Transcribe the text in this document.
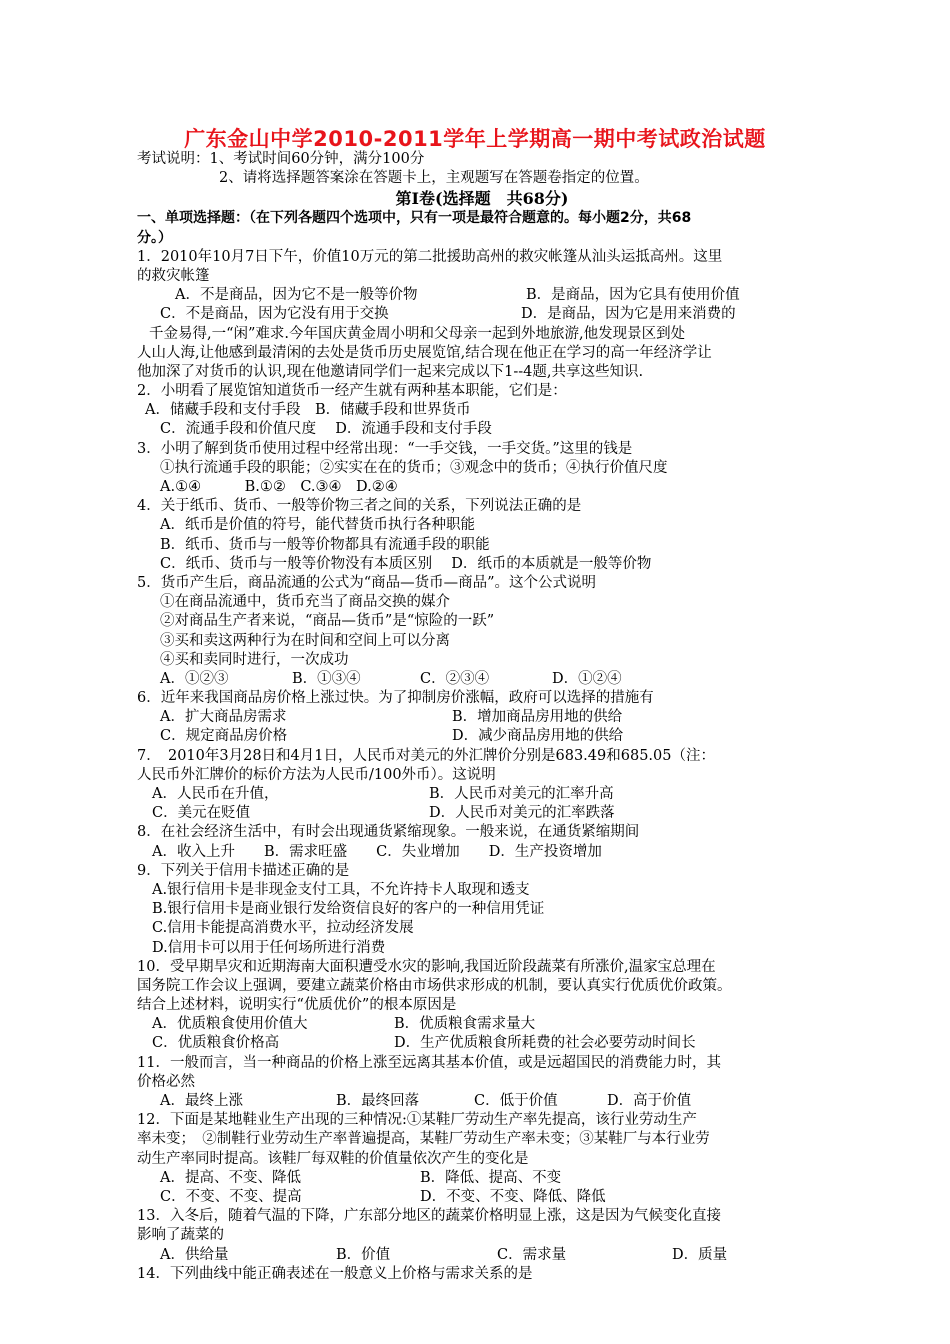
广东金山中学2010-2011学年上学期高一期中考试政治试题
考试说明：1、考试时间60分钟，满分100分
2、请将选择题答案涂在答题卡上，主观题写在答题卷指定的位置。
第Ⅰ卷(选择题　共68分)
一、单项选择题：（在下列各题四个选项中，只有一项是最符合题意的。每小题2分，共68
分。）
1．2010年10月7日下午，价值10万元的第二批援助高州的救灾帐篷从汕头运抵高州。这里
的救灾帐篷
A．不是商品，因为它不是一般等价物	B．是商品，因为它具有使用价值
C．不是商品，因为它没有用于交换	D．是商品，因为它是用来消费的
千金易得,一“闲”难求.今年国庆黄金周小明和父母亲一起到外地旅游,他发现景区到处
人山人海,让他感到最清闲的去处是货币历史展览馆,结合现在他正在学习的高一年经济学让
他加深了对货币的认识,现在他邀请同学们一起来完成以下1--4题,共享这些知识.
2．小明看了展览馆知道货币一经产生就有两种基本职能，它们是：
A．储藏手段和支付手段　B．储藏手段和世界货币
C．流通手段和价值尺度　 D．流通手段和支付手段
3．小明了解到货币使用过程中经常出现：“一手交钱，一手交货。”这里的钱是
①执行流通手段的职能；②实实在在的货币；③观念中的货币；④执行价值尺度
A.①④　　　B.①②　C.③④　D.②④
4．关于纸币、货币、一般等价物三者之间的关系，下列说法正确的是
A．纸币是价值的符号，能代替货币执行各种职能
B．纸币、货币与一般等价物都具有流通手段的职能
C．纸币、货币与一般等价物没有本质区别　 D．纸币的本质就是一般等价物
5．货币产生后，商品流通的公式为“商品—货币—商品”。这个公式说明
①在商品流通中，货币充当了商品交换的媒介
②对商品生产者来说，“商品—货币”是“惊险的一跃”
③买和卖这两种行为在时间和空间上可以分离
④买和卖同时进行，一次成功
A．①②③	B．①③④	C．②③④	D．①②④
6．近年来我国商品房价格上涨过快。为了抑制房价涨幅，政府可以选择的措施有
A．扩大商品房需求	B．增加商品房用地的供给
C．规定商品房价格	D．减少商品房用地的供给
7．　2010年3月28日和4月1日，人民币对美元的外汇牌价分别是683.49和685.05（注：
人民币外汇牌价的标价方法为人民币/100外币）。这说明
A．人民币在升值，	B．人民币对美元的汇率升高
C．美元在贬值	D．人民币对美元的汇率跌落
8．在社会经济生活中，有时会出现通货紧缩现象。一般来说，在通货紧缩期间
A．收入上升　　B．需求旺盛　　C．失业增加　　D．生产投资增加
9．下列关于信用卡描述正确的是
A.银行信用卡是非现金支付工具，不允许持卡人取现和透支
B.银行信用卡是商业银行发给资信良好的客户的一种信用凭证
C.信用卡能提高消费水平，拉动经济发展
D.信用卡可以用于任何场所进行消费
10．受早期旱灾和近期海南大面积遭受水灾的影响,我国近阶段蔬菜有所涨价,温家宝总理在
国务院工作会议上强调，要建立蔬菜价格由市场供求形成的机制，要认真实行优质优价政策。
结合上述材料，说明实行“优质优价”的根本原因是
A．优质粮食使用价值大	B．优质粮食需求量大
C．优质粮食价格高	D．生产优质粮食所耗费的社会必要劳动时间长
11．一般而言，当一种商品的价格上涨至远离其基本价值，或是远超国民的消费能力时，其
价格必然
A．最终上涨	B．最终回落	C．低于价值	D．高于价值
12．下面是某地鞋业生产出现的三种情况:①某鞋厂劳动生产率先提高，该行业劳动生产
率未变；　②制鞋行业劳动生产率普遍提高，某鞋厂劳动生产率未变；③某鞋厂与本行业劳
动生产率同时提高。该鞋厂每双鞋的价值量依次产生的变化是
A．提高、不变、降低	B．降低、提高、不变
C．不变、不变、提高	D．不变、不变、降低、降低
13．入冬后，随着气温的下降，广东部分地区的蔬菜价格明显上涨，这是因为气候变化直接
影响了蔬菜的
A．供给量	B．价值	C．需求量	D．质量
14．下列曲线中能正确表述在一般意义上价格与需求关系的是
